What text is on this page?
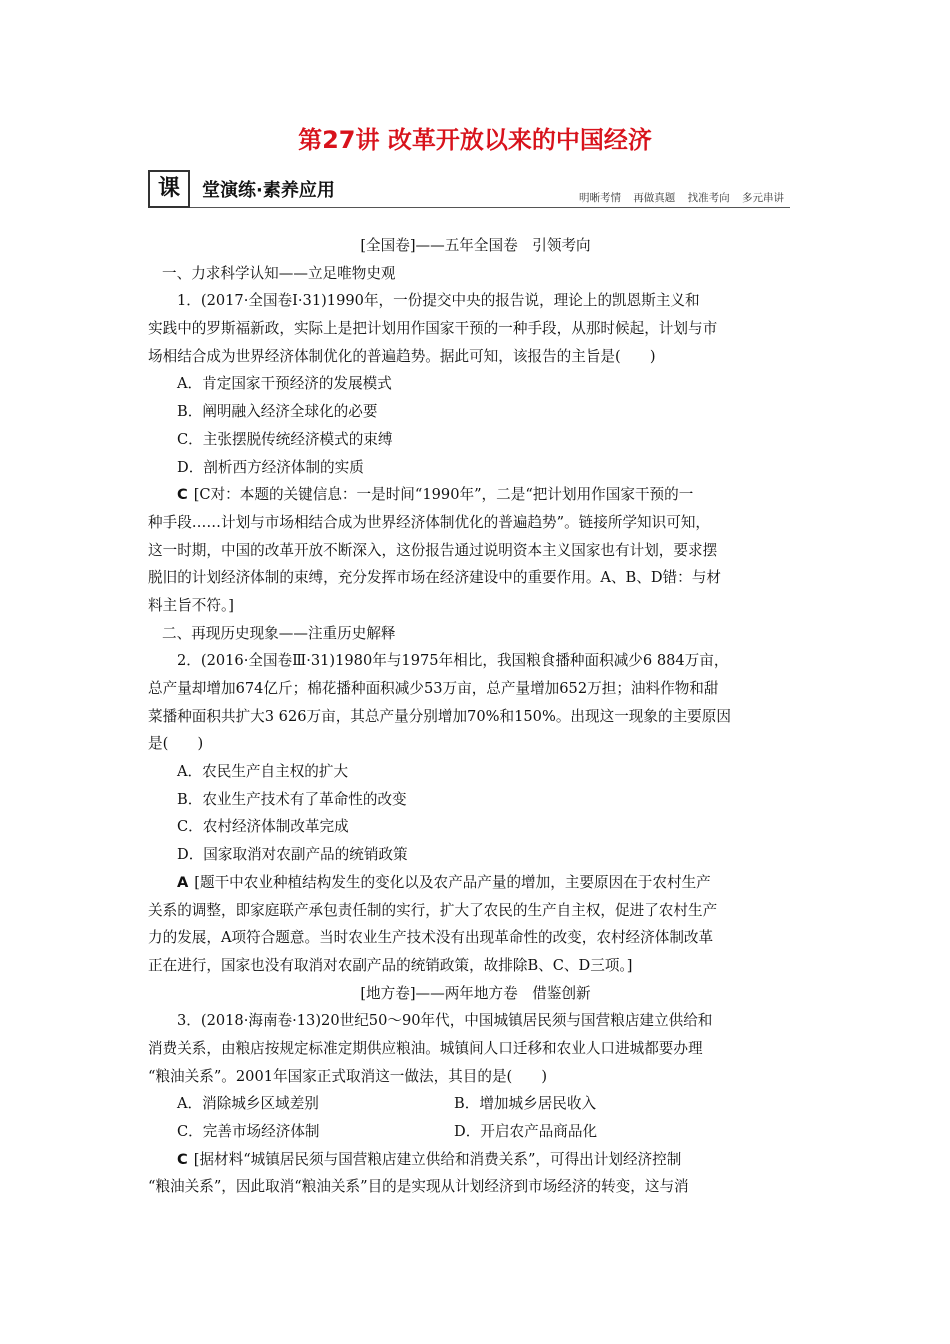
第27讲 改革开放以来的中国经济
课	堂演练·素养应用	明晰考情 再做真题 找准考向 多元串讲
[全国卷]——五年全国卷　引领考向
一、力求科学认知——立足唯物史观
1．(2017·全国卷Ⅰ·31)1990年，一份提交中央的报告说，理论上的凯恩斯主义和
实践中的罗斯福新政，实际上是把计划用作国家干预的一种手段，从那时候起，计划与市
场相结合成为世界经济体制优化的普遍趋势。据此可知，该报告的主旨是(　　)
A．肯定国家干预经济的发展模式
B．阐明融入经济全球化的必要
C．主张摆脱传统经济模式的束缚
D．剖析西方经济体制的实质
C [C对：本题的关键信息：一是时间“1990年”，二是“把计划用作国家干预的一
种手段……计划与市场相结合成为世界经济体制优化的普遍趋势”。链接所学知识可知，
这一时期，中国的改革开放不断深入，这份报告通过说明资本主义国家也有计划，要求摆
脱旧的计划经济体制的束缚，充分发挥市场在经济建设中的重要作用。A、B、D错：与材
料主旨不符。]
二、再现历史现象——注重历史解释
2．(2016·全国卷Ⅲ·31)1980年与1975年相比，我国粮食播种面积减少6 884万亩，
总产量却增加674亿斤；棉花播种面积减少53万亩，总产量增加652万担；油料作物和甜
菜播种面积共扩大3 626万亩，其总产量分别增加70%和150%。出现这一现象的主要原因
是(　　)
A．农民生产自主权的扩大
B．农业生产技术有了革命性的改变
C．农村经济体制改革完成
D．国家取消对农副产品的统销政策
A [题干中农业种植结构发生的变化以及农产品产量的增加，主要原因在于农村生产
关系的调整，即家庭联产承包责任制的实行，扩大了农民的生产自主权，促进了农村生产
力的发展，A项符合题意。当时农业生产技术没有出现革命性的改变，农村经济体制改革
正在进行，国家也没有取消对农副产品的统销政策，故排除B、C、D三项。]
[地方卷]——两年地方卷　借鉴创新
3．(2018·海南卷·13)20世纪50～90年代，中国城镇居民须与国营粮店建立供给和
消费关系，由粮店按规定标准定期供应粮油。城镇间人口迁移和农业人口进城都要办理
“粮油关系”。2001年国家正式取消这一做法，其目的是(　　)
A．消除城乡区域差别	B．增加城乡居民收入
C．完善市场经济体制	D．开启农产品商品化
C [据材料“城镇居民须与国营粮店建立供给和消费关系”，可得出计划经济控制
“粮油关系”，因此取消“粮油关系”目的是实现从计划经济到市场经济的转变，这与消
